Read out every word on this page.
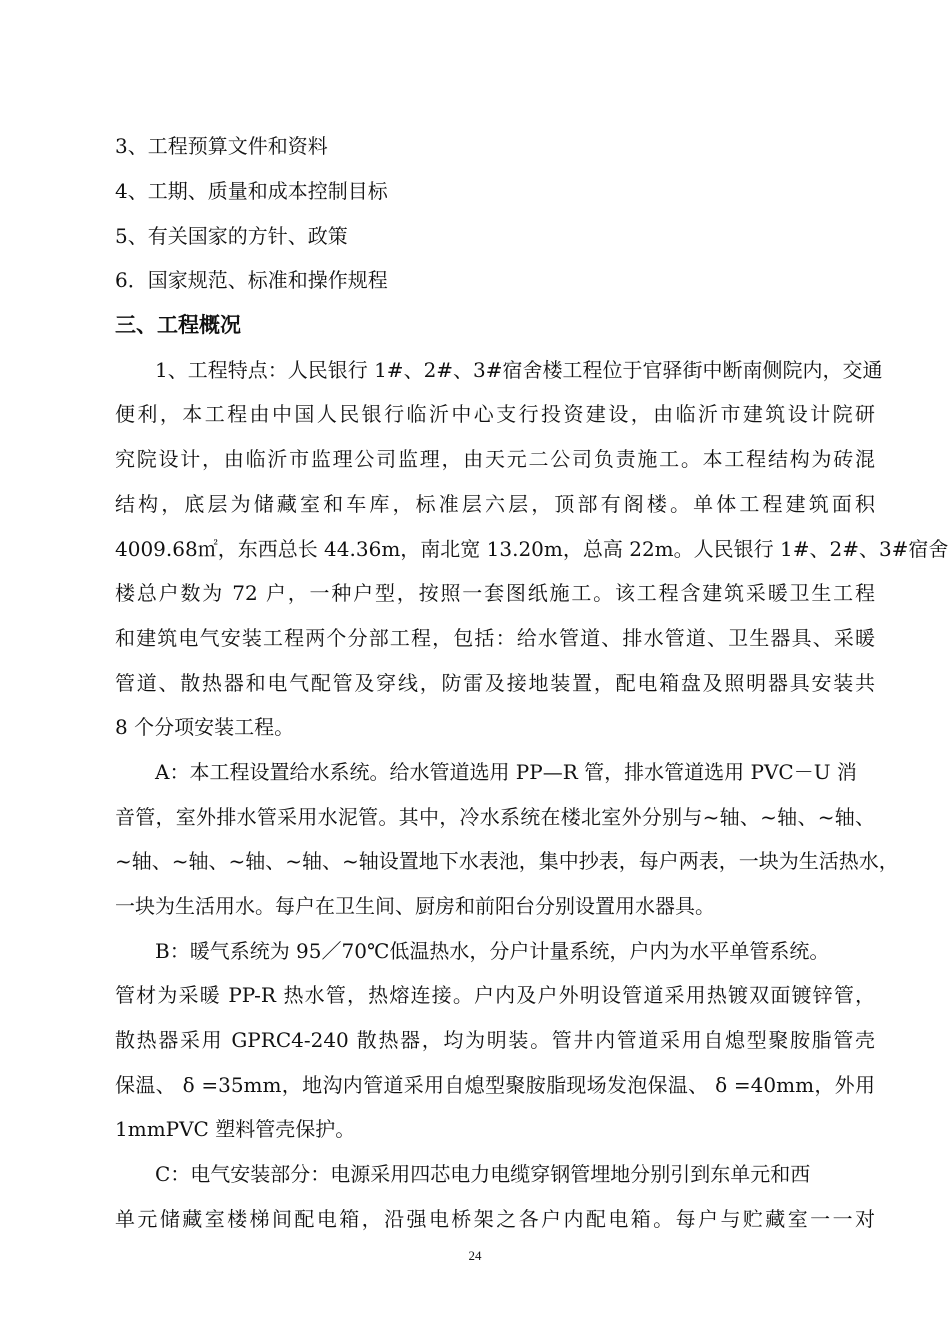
3、工程预算文件和资料
4、工期、质量和成本控制目标
5、有关国家的方针、政策
6．国家规范、标准和操作规程
三、工程概况
1、工程特点：人民银行 1#、2#、3#宿舍楼工程位于官驿街中断南侧院内，交通
便利，本工程由中国人民银行临沂中心支行投资建设，由临沂市建筑设计院研
究院设计，由临沂市监理公司监理，由天元二公司负责施工。本工程结构为砖混
结构，底层为储藏室和车库，标准层六层，顶部有阁楼。单体工程建筑面积
4009.68㎡，东西总长 44.36m，南北宽 13.20m，总高 22m。人民银行 1#、2#、3#宿舍
楼总户数为 72 户，一种户型，按照一套图纸施工。该工程含建筑采暖卫生工程
和建筑电气安装工程两个分部工程，包括：给水管道、排水管道、卫生器具、采暖
管道、散热器和电气配管及穿线，防雷及接地装置，配电箱盘及照明器具安装共
8 个分项安装工程。
A：本工程设置给水系统。给水管道选用 PP—R 管，排水管道选用 PVC－U 消
音管，室外排水管采用水泥管。其中，冷水系统在楼北室外分别与~轴、~轴、~轴、
~轴、~轴、~轴、~轴、~轴设置地下水表池，集中抄表，每户两表，一块为生活热水，
一块为生活用水。每户在卫生间、厨房和前阳台分别设置用水器具。
B：暖气系统为 95／70℃低温热水，分户计量系统，户内为水平单管系统。
管材为采暖 PP-R 热水管，热熔连接。户内及户外明设管道采用热镀双面镀锌管，
散热器采用 GPRC4-240 散热器，均为明装。管井内管道采用自熄型聚胺脂管壳
保温、 δ =35mm，地沟内管道采用自熄型聚胺脂现场发泡保温、 δ =40mm，外用
1mmPVC 塑料管壳保护。
C：电气安装部分：电源采用四芯电力电缆穿钢管埋地分别引到东单元和西
单元储藏室楼梯间配电箱，沿强电桥架之各户内配电箱。每户与贮藏室一一对
24
